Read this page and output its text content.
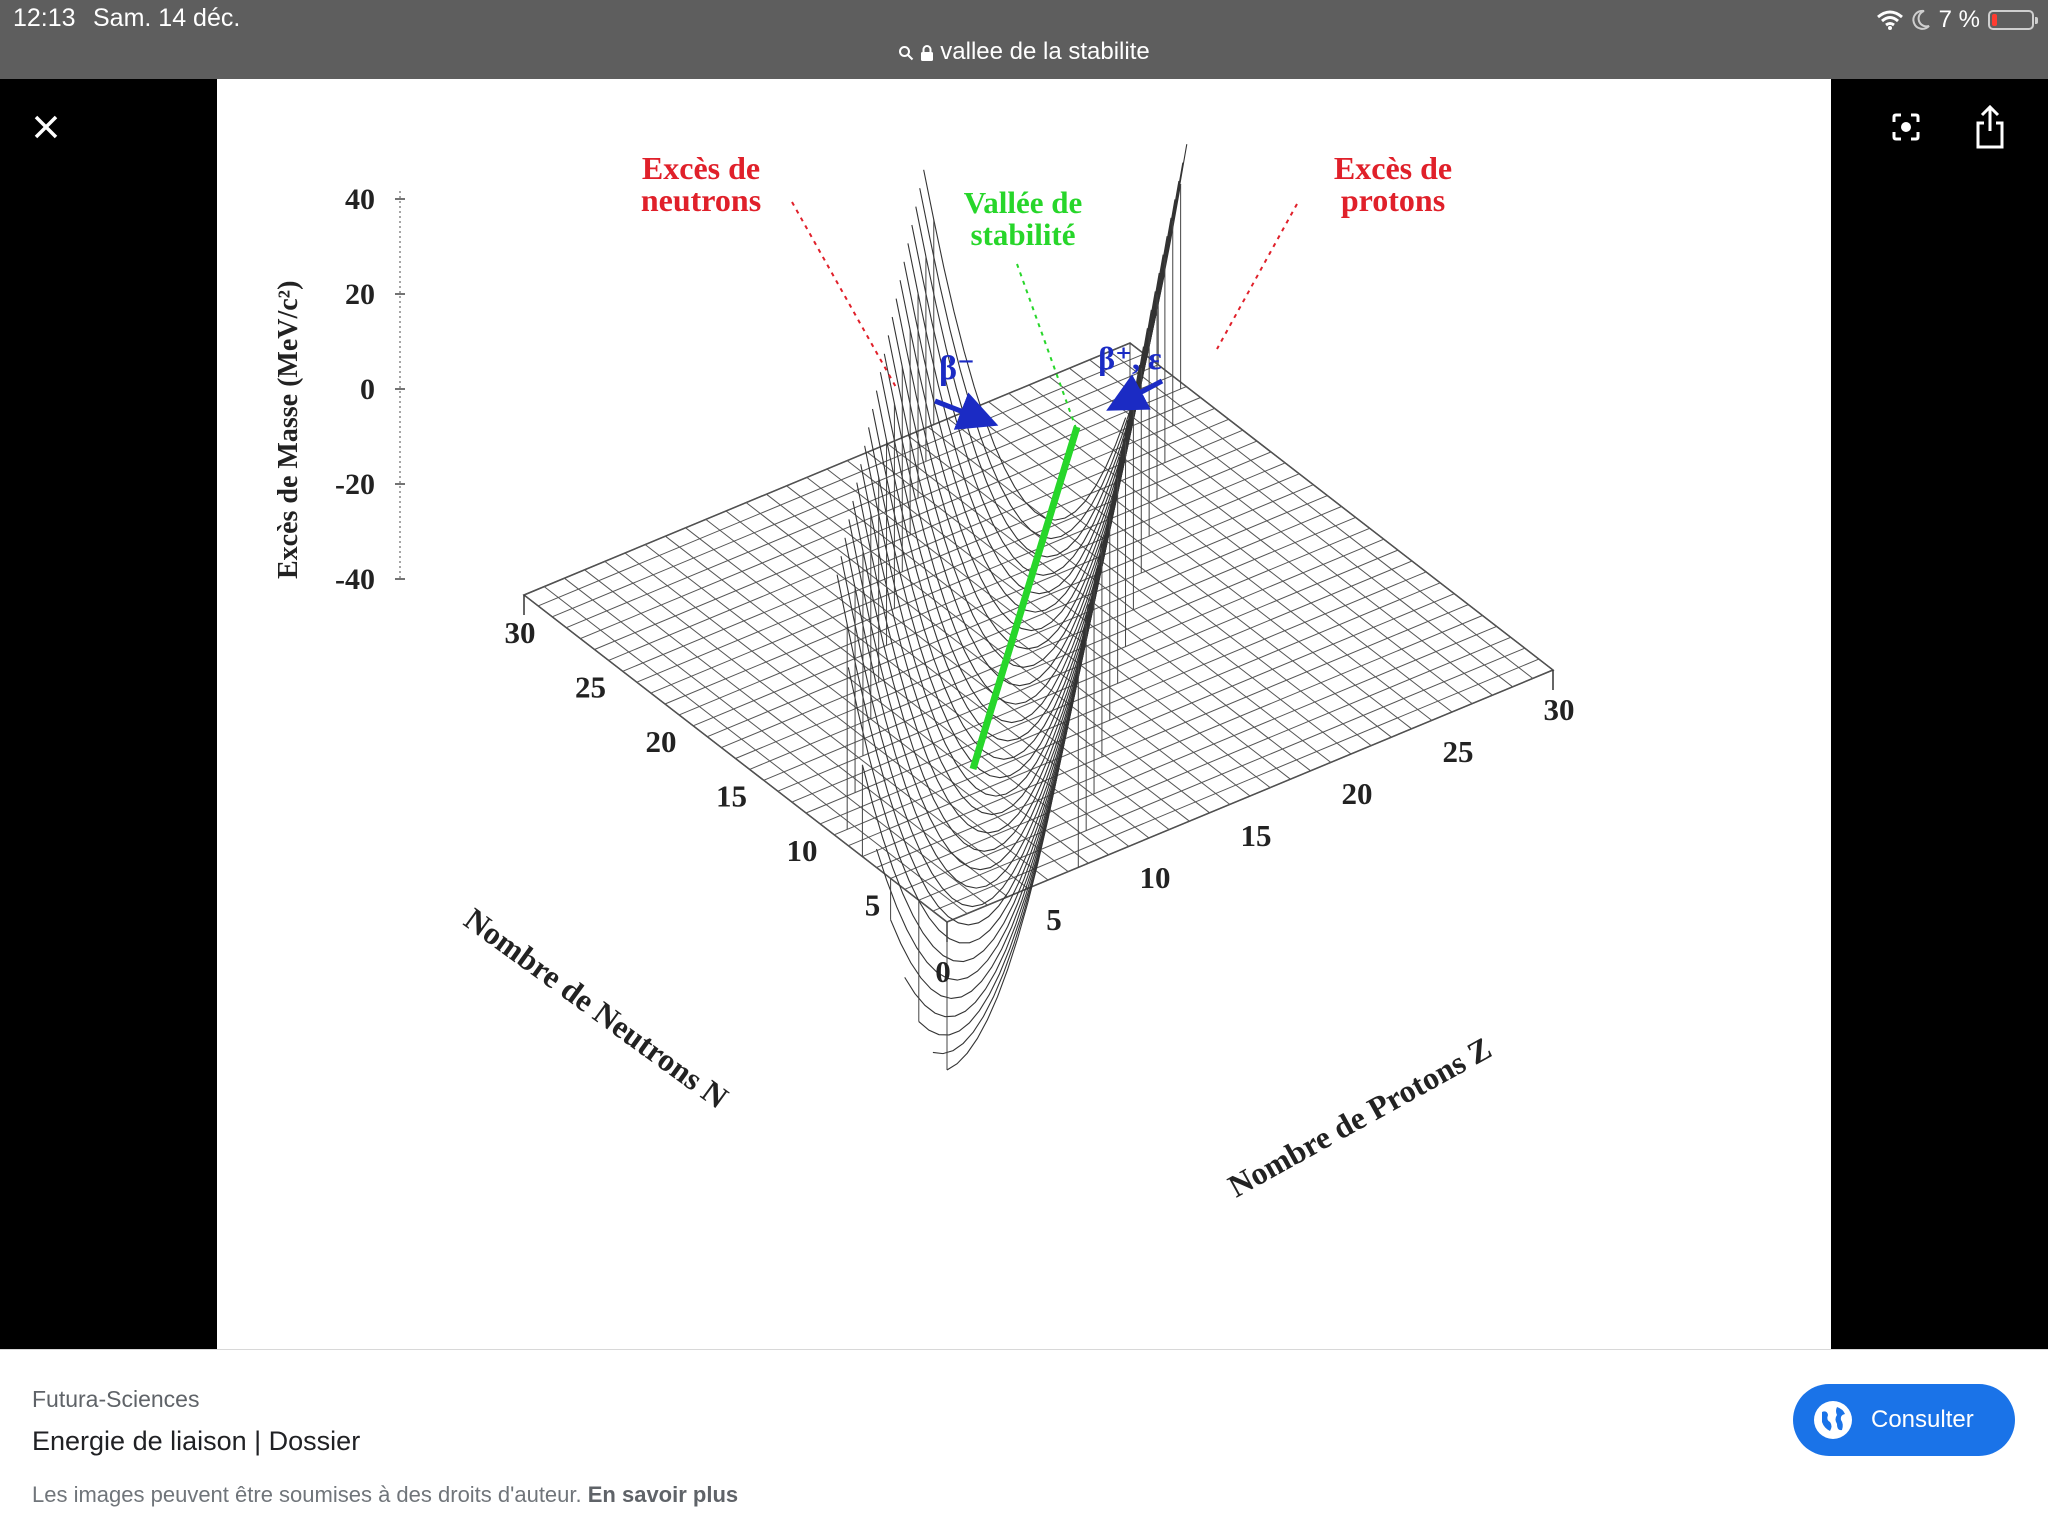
12:13 Sam. 14 déc.	7 %
vallee de la stabilite
β⁻	β⁺, ε
Excès de
neutrons
Excès de
protons
Vallée de
stabilité
40
20
0
-20
-40
Excès de Masse (MeV/c²)
0
5
10
15
20
25
30
Nombre de Neutrons N	5
10
15
20
25
30
Nombre de Protons Z
Futura-Sciences
Energie de liaison | Dossier
Les images peuvent être soumises à des droits d'auteur. En savoir plus
Consulter
